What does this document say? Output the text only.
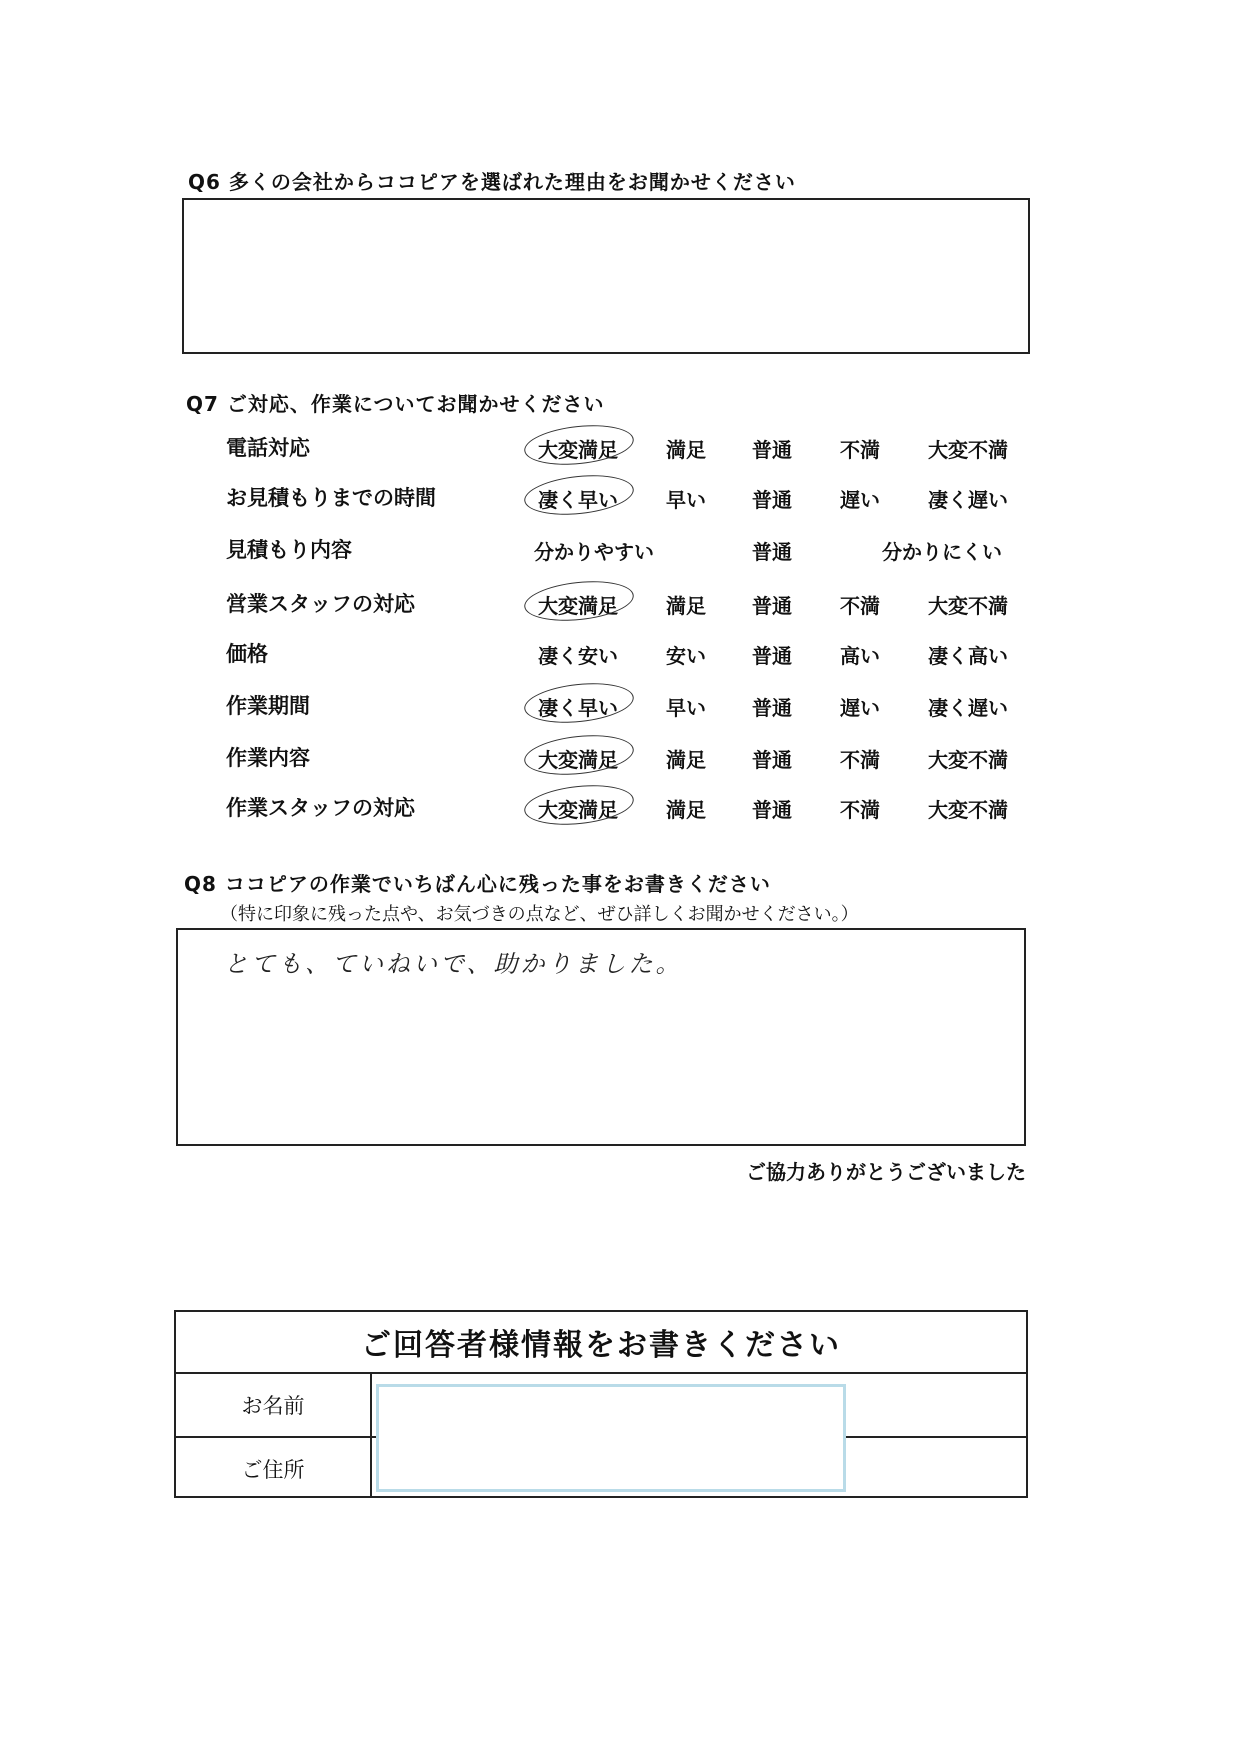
Q6 多くの会社からココピアを選ばれた理由をお聞かせください
Q7 ご対応、作業についてお聞かせください
電話対応	大変満足 満足 普通 不満 大変不満
お見積もりまでの時間	凄く早い 早い 普通 遅い 凄く遅い
見積もり内容	分かりやすい	普通	分かりにくい
営業スタッフの対応	大変満足 満足 普通 不満 大変不満
価格	凄く安い 安い 普通 高い 凄く高い
作業期間	凄く早い 早い 普通 遅い 凄く遅い
作業内容	大変満足 満足 普通 不満 大変不満
作業スタッフの対応	大変満足 満足 普通 不満 大変不満
Q8 ココピアの作業でいちばん心に残った事をお書きください
（特に印象に残った点や、お気づきの点など、ぜひ詳しくお聞かせください。）
とても、ていねいで、助かりました。
ご協力ありがとうございました
ご回答者様情報をお書きください
お名前
ご住所
